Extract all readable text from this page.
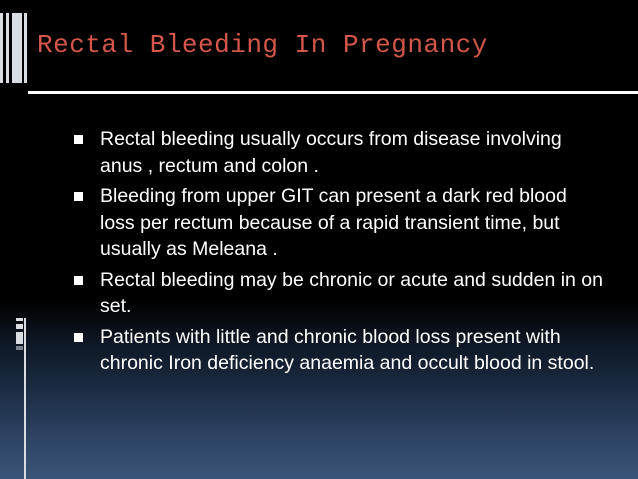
Rectal Bleeding In Pregnancy
Rectal bleeding usually occurs from disease involving anus , rectum and colon .
Bleeding from upper GIT can present a dark red blood loss per rectum because of a rapid transient time, but usually as Meleana .
Rectal bleeding may be chronic or acute and sudden in on set.
Patients with little and chronic blood loss present with chronic Iron deficiency anaemia and occult blood in stool.
